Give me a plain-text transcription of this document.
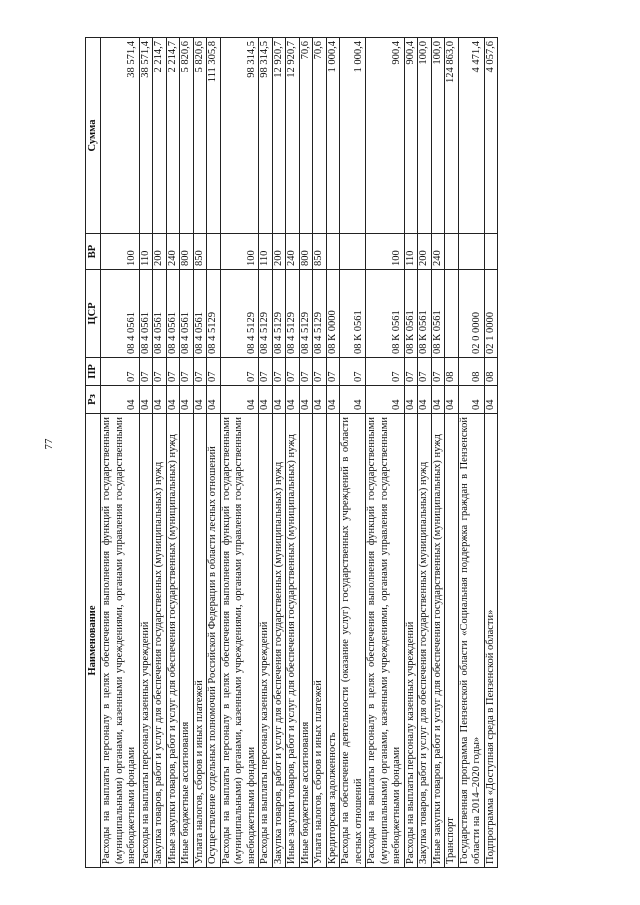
77
Наименование	Рз	ПР	ЦСР	ВР	Сумма
Расходы на выплаты персоналу в целях обеспечения выполнения функций государственными (муниципальными) органами, казенными учреждениями, органами управления государственными внебюджетными фондами	04	07	08 4 0561	100	38 571,4
Расходы на выплаты персоналу казенных учреждений	04	07	08 4 0561	110	38 571,4
Закупка товаров, работ и услуг для обеспечения государственных (муниципальных) нужд	04	07	08 4 0561	200	2 214,7
Иные закупки товаров, работ и услуг для обеспечения государственных (муниципальных) нужд	04	07	08 4 0561	240	2 214,7
Иные бюджетные ассигнования	04	07	08 4 0561	800	5 820,6
Уплата налогов, сборов и иных платежей	04	07	08 4 0561	850	5 820,6
Осуществление отдельных полномочий Российской Федерации в области лесных отношений	04	07	08 4 5129		111 305,8
Расходы на выплаты персоналу в целях обеспечения выполнения функций государственными (муниципальными) органами, казенными учреждениями, органами управления государственными внебюджетными фондами	04	07	08 4 5129	100	98 314,5
Расходы на выплаты персоналу казенных учреждений	04	07	08 4 5129	110	98 314,5
Закупка товаров, работ и услуг для обеспечения государственных (муниципальных) нужд	04	07	08 4 5129	200	12 920,7
Иные закупки товаров, работ и услуг для обеспечения государственных (муниципальных) нужд	04	07	08 4 5129	240	12 920,7
Иные бюджетные ассигнования	04	07	08 4 5129	800	70,6
Уплата налогов, сборов и иных платежей	04	07	08 4 5129	850	70,6
Кредиторская задолженность	04	07	08 К 0000		1 000,4
Расходы на обеспечение деятельности (оказание услуг) государственных учреждений в области лесных отношений	04	07	08 К 0561		1 000,4
Расходы на выплаты персоналу в целях обеспечения выполнения функций государственными (муниципальными) органами, казенными учреждениями, органами управления государственными внебюджетными фондами	04	07	08 К 0561	100	900,4
Расходы на выплаты персоналу казенных учреждений	04	07	08 К 0561	110	900,4
Закупка товаров, работ и услуг для обеспечения государственных (муниципальных) нужд	04	07	08 К 0561	200	100,0
Иные закупки товаров, работ и услуг для обеспечения государственных (муниципальных) нужд	04	07	08 К 0561	240	100,0
Транспорт	04	08			124 863,0
Государственная программа Пензенской области «Социальная поддержка граждан в Пензенской области на 2014–2020 годы»	04	08	02 0 0000		4 471,4
Подпрограмма «Доступная среда в Пензенской области»	04	08	02 1 0000		4 057,6
